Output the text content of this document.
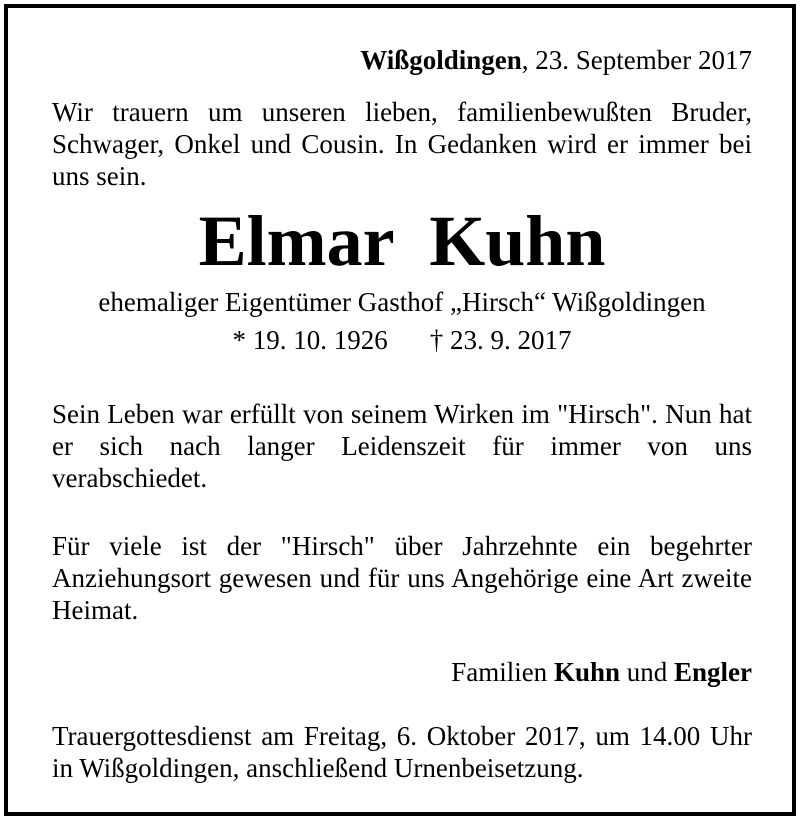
Wißgoldingen, 23. September 2017

Wir trauern um unseren lieben, familienbewußten Bruder, Schwager, Onkel und Cousin. In Gedanken wird er immer bei uns sein.

Elmar Kuhn

ehemaliger Eigentümer Gasthof „Hirsch“ Wißgoldingen

* 19. 10. 1926 † 23. 9. 2017

Sein Leben war erfüllt von seinem Wirken im "Hirsch". Nun hat er sich nach langer Leidenszeit für immer von uns verabschiedet.

Für viele ist der "Hirsch" über Jahrzehnte ein begehrter Anziehungsort gewesen und für uns Angehörige eine Art zweite Heimat.

Familien Kuhn und Engler

Trauergottesdienst am Freitag, 6. Oktober 2017, um 14.00 Uhr in Wißgoldingen, anschließend Urnenbeisetzung.
